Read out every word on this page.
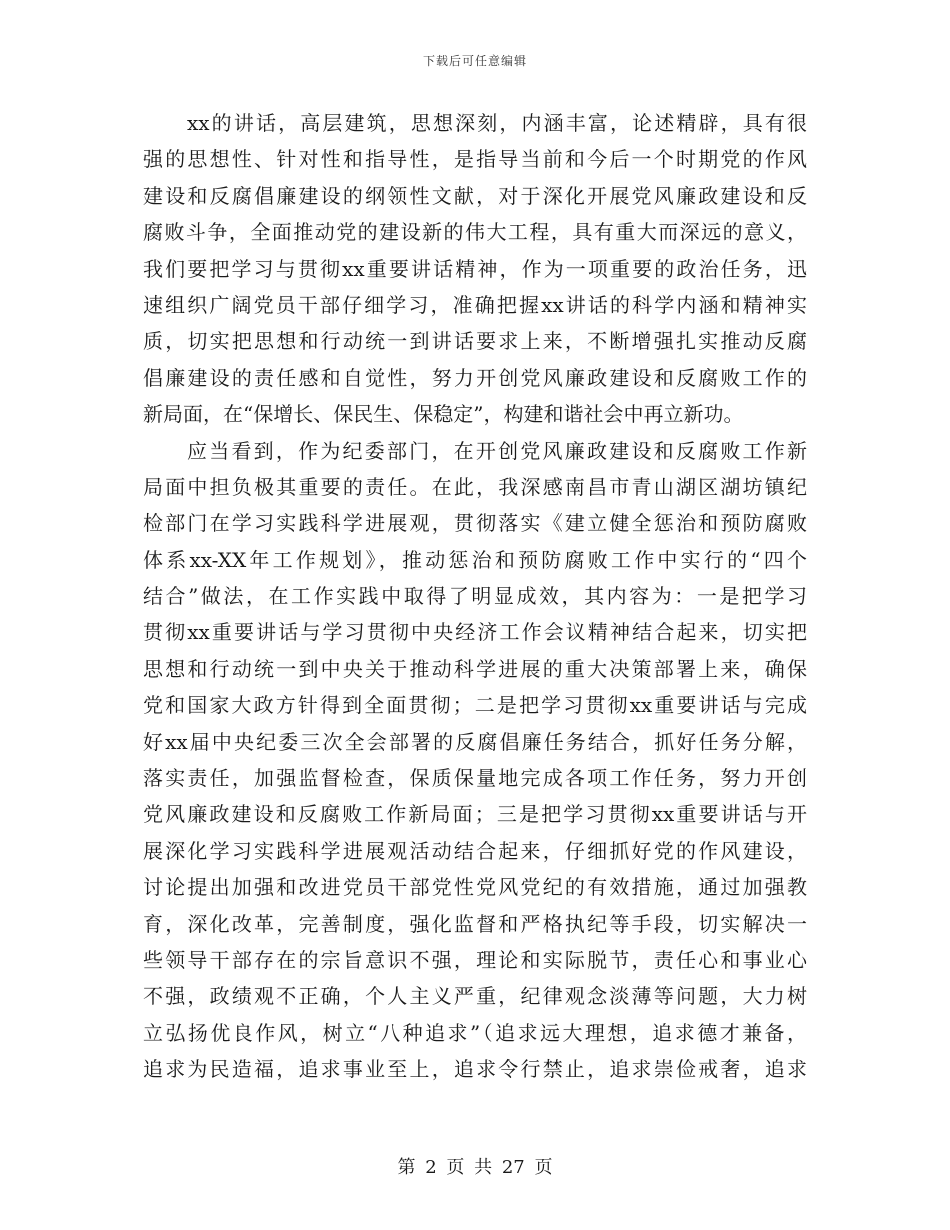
下载后可任意编辑
xx的讲话，高层建筑，思想深刻，内涵丰富，论述精辟，具有很
强的思想性、针对性和指导性，是指导当前和今后一个时期党的作风
建设和反腐倡廉建设的纲领性文献，对于深化开展党风廉政建设和反
腐败斗争，全面推动党的建设新的伟大工程，具有重大而深远的意义，
我们要把学习与贯彻xx重要讲话精神，作为一项重要的政治任务，迅
速组织广阔党员干部仔细学习，准确把握xx讲话的科学内涵和精神实
质，切实把思想和行动统一到讲话要求上来，不断增强扎实推动反腐
倡廉建设的责任感和自觉性，努力开创党风廉政建设和反腐败工作的
新局面，在“保增长、保民生、保稳定”，构建和谐社会中再立新功。
应当看到，作为纪委部门，在开创党风廉政建设和反腐败工作新
局面中担负极其重要的责任。在此，我深感南昌市青山湖区湖坊镇纪
检部门在学习实践科学进展观，贯彻落实《建立健全惩治和预防腐败
体系xx-XX年工作规划》，推动惩治和预防腐败工作中实行的“四个
结合”做法，在工作实践中取得了明显成效，其内容为：一是把学习
贯彻xx重要讲话与学习贯彻中央经济工作会议精神结合起来，切实把
思想和行动统一到中央关于推动科学进展的重大决策部署上来，确保
党和国家大政方针得到全面贯彻；二是把学习贯彻xx重要讲话与完成
好xx届中央纪委三次全会部署的反腐倡廉任务结合，抓好任务分解，
落实责任，加强监督检查，保质保量地完成各项工作任务，努力开创
党风廉政建设和反腐败工作新局面；三是把学习贯彻xx重要讲话与开
展深化学习实践科学进展观活动结合起来，仔细抓好党的作风建设，
讨论提出加强和改进党员干部党性党风党纪的有效措施，通过加强教
育，深化改革，完善制度，强化监督和严格执纪等手段，切实解决一
些领导干部存在的宗旨意识不强，理论和实际脱节，责任心和事业心
不强，政绩观不正确，个人主义严重，纪律观念淡薄等问题，大力树
立弘扬优良作风，树立“八种追求”（追求远大理想，追求德才兼备，
追求为民造福，追求事业至上，追求令行禁止，追求崇俭戒奢，追求
第 2 页 共 27 页
